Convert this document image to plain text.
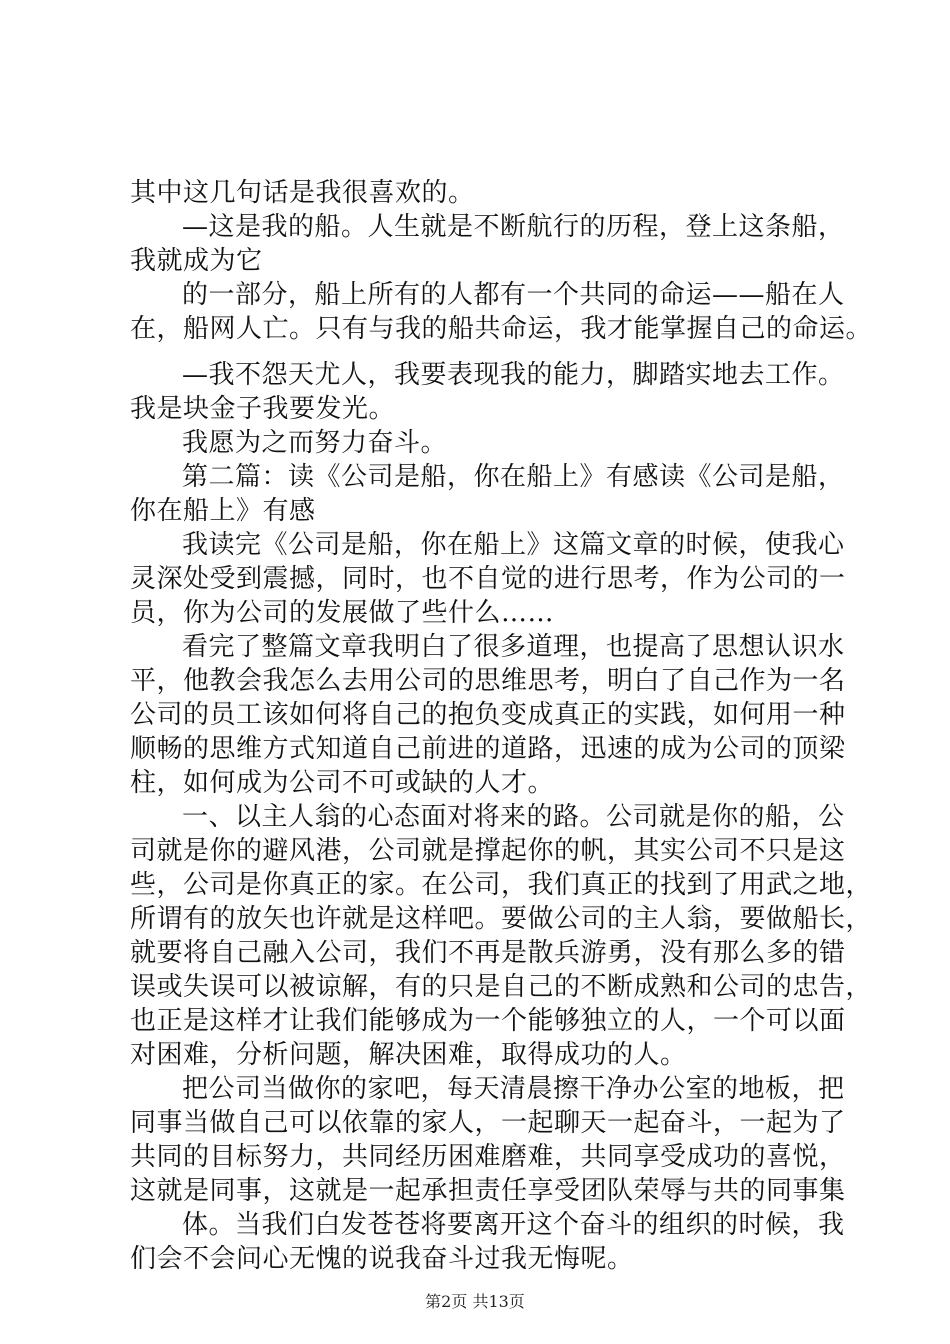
其中这几句话是我很喜欢的。
—这是我的船。人生就是不断航行的历程，登上这条船，
我就成为它
的一部分，船上所有的人都有一个共同的命运——船在人
在，船网人亡。只有与我的船共命运，我才能掌握自己的命运。
—我不怨天尤人，我要表现我的能力，脚踏实地去工作。
我是块金子我要发光。
我愿为之而努力奋斗。
第二篇：读《公司是船，你在船上》有感读《公司是船，
你在船上》有感
我读完《公司是船，你在船上》这篇文章的时候，使我心
灵深处受到震撼，同时，也不自觉的进行思考，作为公司的一
员，你为公司的发展做了些什么……
看完了整篇文章我明白了很多道理，也提高了思想认识水
平，他教会我怎么去用公司的思维思考，明白了自己作为一名
公司的员工该如何将自己的抱负变成真正的实践，如何用一种
顺畅的思维方式知道自己前进的道路，迅速的成为公司的顶梁
柱，如何成为公司不可或缺的人才。
一、以主人翁的心态面对将来的路。公司就是你的船，公
司就是你的避风港，公司就是撑起你的帆，其实公司不只是这
些，公司是你真正的家。在公司，我们真正的找到了用武之地，
所谓有的放矢也许就是这样吧。要做公司的主人翁，要做船长，
就要将自己融入公司，我们不再是散兵游勇，没有那么多的错
误或失误可以被谅解，有的只是自己的不断成熟和公司的忠告，
也正是这样才让我们能够成为一个能够独立的人，一个可以面
对困难，分析问题，解决困难，取得成功的人。
把公司当做你的家吧，每天清晨擦干净办公室的地板，把
同事当做自己可以依靠的家人，一起聊天一起奋斗，一起为了
共同的目标努力，共同经历困难磨难，共同享受成功的喜悦，
这就是同事，这就是一起承担责任享受团队荣辱与共的同事集
体。当我们白发苍苍将要离开这个奋斗的组织的时候，我
们会不会问心无愧的说我奋斗过我无悔呢。
第2页 共13页
